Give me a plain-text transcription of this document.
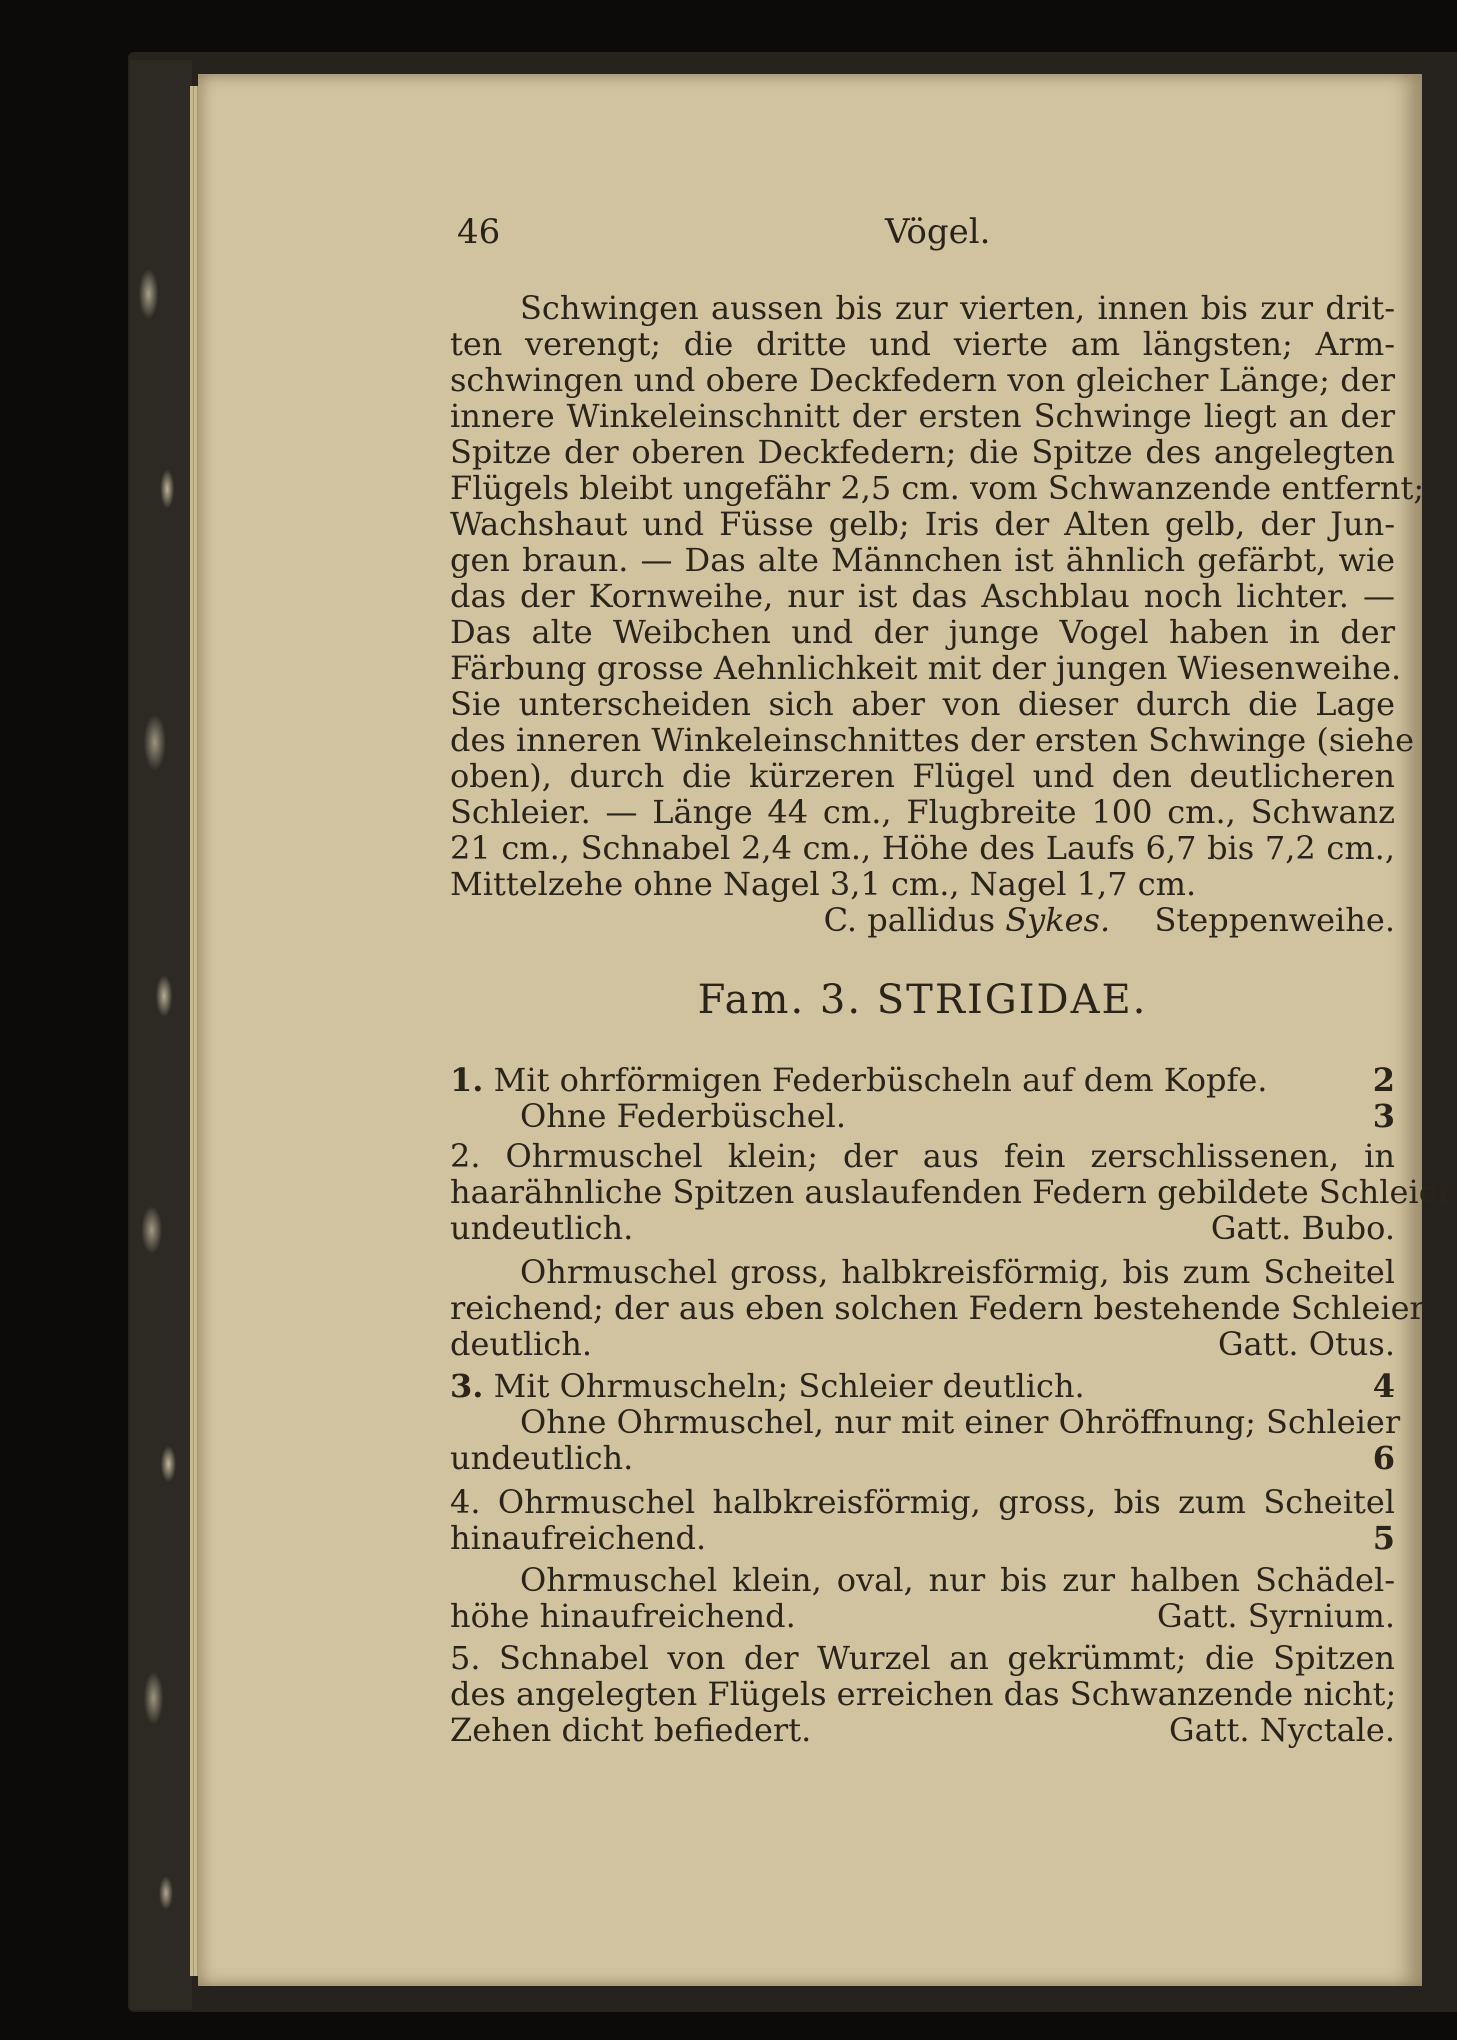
46	Vögel.
Schwingen aussen bis zur vierten, innen bis zur drit-
ten verengt; die dritte und vierte am längsten; Arm-
schwingen und obere Deckfedern von gleicher Länge; der
innere Winkeleinschnitt der ersten Schwinge liegt an der
Spitze der oberen Deckfedern; die Spitze des angelegten
Flügels bleibt ungefähr 2,5 cm. vom Schwanzende entfernt;
Wachshaut und Füsse gelb; Iris der Alten gelb, der Jun-
gen braun. — Das alte Männchen ist ähnlich gefärbt, wie
das der Kornweihe, nur ist das Aschblau noch lichter. —
Das alte Weibchen und der junge Vogel haben in der
Färbung grosse Aehnlichkeit mit der jungen Wiesenweihe.
Sie unterscheiden sich aber von dieser durch die Lage
des inneren Winkeleinschnittes der ersten Schwinge (siehe
oben), durch die kürzeren Flügel und den deutlicheren
Schleier. — Länge 44 cm., Flugbreite 100 cm., Schwanz
21 cm., Schnabel 2,4 cm., Höhe des Laufs 6,7 bis 7,2 cm.,
Mittelzehe ohne Nagel 3,1 cm., Nagel 1,7 cm.
C. pallidus Sykes. Steppenweihe.
Fam. 3. STRIGIDAE.
1. Mit ohrförmigen Federbüscheln auf dem Kopfe.	2
Ohne Federbüschel.	3
2. Ohrmuschel klein; der aus fein zerschlissenen, in
haarähnliche Spitzen auslaufenden Federn gebildete Schleier
undeutlich.	Gatt. Bubo.
Ohrmuschel gross, halbkreisförmig, bis zum Scheitel
reichend; der aus eben solchen Federn bestehende Schleier
deutlich.	Gatt. Otus.
3. Mit Ohrmuscheln; Schleier deutlich.	4
Ohne Ohrmuschel, nur mit einer Ohröffnung; Schleier
undeutlich.	6
4. Ohrmuschel halbkreisförmig, gross, bis zum Scheitel
hinaufreichend.	5
Ohrmuschel klein, oval, nur bis zur halben Schädel-
höhe hinaufreichend.	Gatt. Syrnium.
5. Schnabel von der Wurzel an gekrümmt; die Spitzen
des angelegten Flügels erreichen das Schwanzende nicht;
Zehen dicht befiedert.	Gatt. Nyctale.
